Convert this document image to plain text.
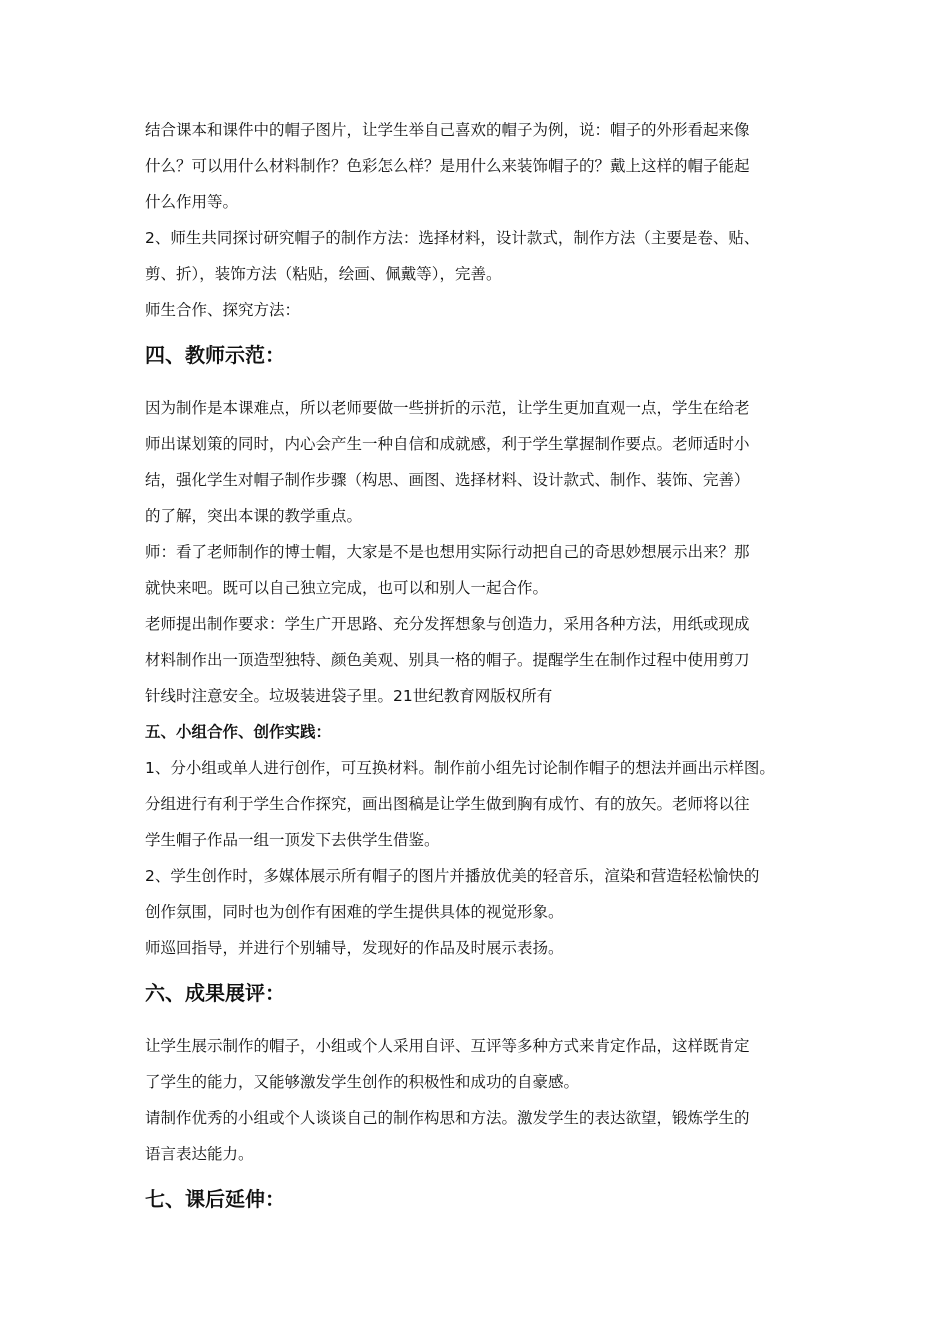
结合课本和课件中的帽子图片，让学生举自己喜欢的帽子为例，说：帽子的外形看起来像

什么？可以用什么材料制作？色彩怎么样？是用什么来装饰帽子的？戴上这样的帽子能起

什么作用等。

2、师生共同探讨研究帽子的制作方法：选择材料，设计款式，制作方法（主要是卷、贴、

剪、折），装饰方法（粘贴，绘画、佩戴等），完善。

师生合作、探究方法：

四、教师示范：

因为制作是本课难点，所以老师要做一些拼折的示范，让学生更加直观一点，学生在给老

师出谋划策的同时，内心会产生一种自信和成就感，利于学生掌握制作要点。老师适时小

结，强化学生对帽子制作步骤（构思、画图、选择材料、设计款式、制作、装饰、完善）

的了解，突出本课的教学重点。

师：看了老师制作的博士帽，大家是不是也想用实际行动把自己的奇思妙想展示出来？那

就快来吧。既可以自己独立完成，也可以和别人一起合作。

老师提出制作要求：学生广开思路、充分发挥想象与创造力，采用各种方法，用纸或现成

材料制作出一顶造型独特、颜色美观、别具一格的帽子。提醒学生在制作过程中使用剪刀

针线时注意安全。垃圾装进袋子里。21世纪教育网版权所有

五、小组合作、创作实践：

1、分小组或单人进行创作，可互换材料。制作前小组先讨论制作帽子的想法并画出示样图。

分组进行有利于学生合作探究，画出图稿是让学生做到胸有成竹、有的放矢。老师将以往

学生帽子作品一组一顶发下去供学生借鉴。

2、学生创作时，多媒体展示所有帽子的图片并播放优美的轻音乐，渲染和营造轻松愉快的

创作氛围，同时也为创作有困难的学生提供具体的视觉形象。

师巡回指导，并进行个别辅导，发现好的作品及时展示表扬。

六、成果展评：

让学生展示制作的帽子，小组或个人采用自评、互评等多种方式来肯定作品，这样既肯定

了学生的能力，又能够激发学生创作的积极性和成功的自豪感。

请制作优秀的小组或个人谈谈自己的制作构思和方法。激发学生的表达欲望，锻炼学生的

语言表达能力。

七、课后延伸：
